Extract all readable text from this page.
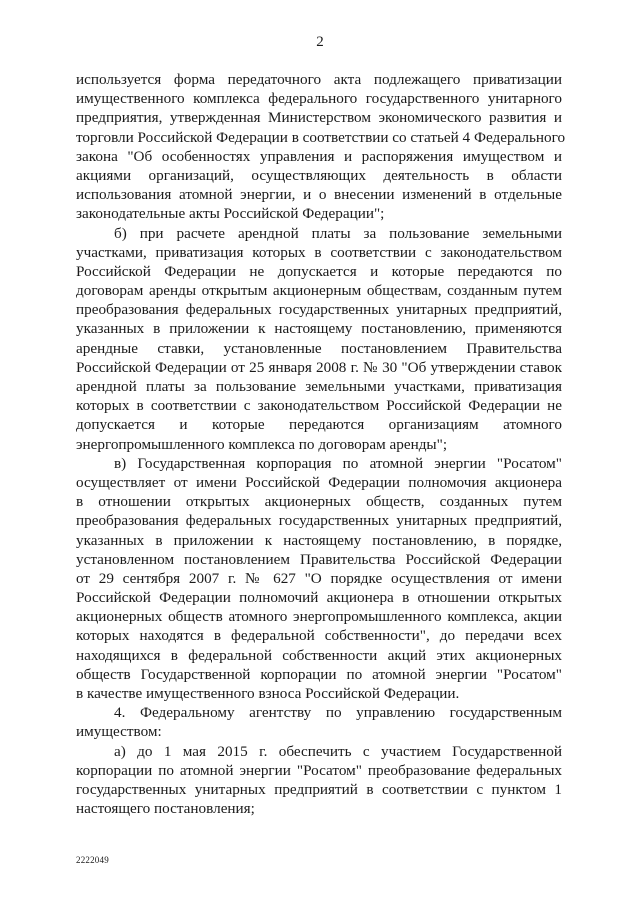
2
используется форма передаточного акта подлежащего приватизации
имущественного комплекса федерального государственного унитарного
предприятия, утвержденная Министерством экономического развития и
торговли Российской Федерации в соответствии со статьей 4 Федерального
закона "Об особенностях управления и распоряжения имуществом и
акциями организаций, осуществляющих деятельность в области
использования атомной энергии, и о внесении изменений в отдельные
законодательные акты Российской Федерации";
б) при расчете арендной платы за пользование земельными
участками, приватизация которых в соответствии с законодательством
Российской Федерации не допускается и которые передаются по
договорам аренды открытым акционерным обществам, созданным путем
преобразования федеральных государственных унитарных предприятий,
указанных в приложении к настоящему постановлению, применяются
арендные ставки, установленные постановлением Правительства
Российской Федерации от 25 января 2008 г. № 30 "Об утверждении ставок
арендной платы за пользование земельными участками, приватизация
которых в соответствии с законодательством Российской Федерации не
допускается и которые передаются организациям атомного
энергопромышленного комплекса по договорам аренды";
в) Государственная корпорация по атомной энергии "Росатом"
осуществляет от имени Российской Федерации полномочия акционера
в отношении открытых акционерных обществ, созданных путем
преобразования федеральных государственных унитарных предприятий,
указанных в приложении к настоящему постановлению, в порядке,
установленном постановлением Правительства Российской Федерации
от 29 сентября 2007 г. № 627 "О порядке осуществления от имени
Российской Федерации полномочий акционера в отношении открытых
акционерных обществ атомного энергопромышленного комплекса, акции
которых находятся в федеральной собственности", до передачи всех
находящихся в федеральной собственности акций этих акционерных
обществ Государственной корпорации по атомной энергии "Росатом"
в качестве имущественного взноса Российской Федерации.
4. Федеральному агентству по управлению государственным
имуществом:
а) до 1 мая 2015 г. обеспечить с участием Государственной
корпорации по атомной энергии "Росатом" преобразование федеральных
государственных унитарных предприятий в соответствии с пунктом 1
настоящего постановления;
2222049
